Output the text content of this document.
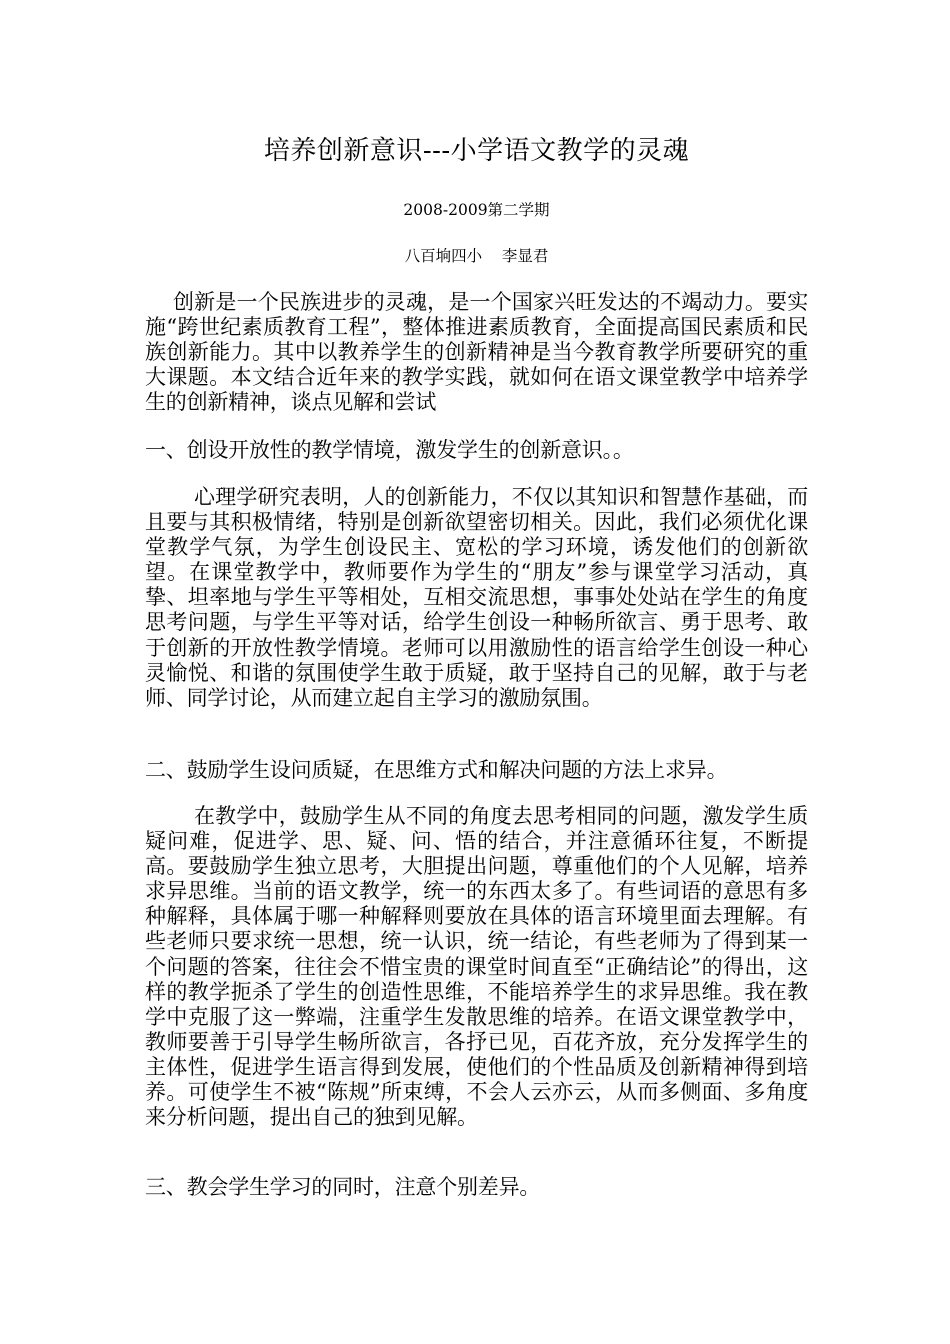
培养创新意识---小学语文教学的灵魂
2008-2009第二学期
八百垧四小    李显君

创新是一个民族进步的灵魂，是一个国家兴旺发达的不竭动力。要实施“跨世纪素质教育工程”，整体推进素质教育，全面提高国民素质和民族创新能力。其中以教养学生的创新精神是当今教育教学所要研究的重大课题。本文结合近年来的教学实践，就如何在语文课堂教学中培养学生的创新精神，谈点见解和尝试

一、创设开放性的教学情境，激发学生的创新意识。。

心理学研究表明，人的创新能力，不仅以其知识和智慧作基础，而且要与其积极情绪，特别是创新欲望密切相关。因此，我们必须优化课堂教学气氛，为学生创设民主、宽松的学习环境，诱发他们的创新欲望。在课堂教学中，教师要作为学生的“朋友”参与课堂学习活动，真挚、坦率地与学生平等相处，互相交流思想，事事处处站在学生的角度思考问题，与学生平等对话，给学生创设一种畅所欲言、勇于思考、敢于创新的开放性教学情境。老师可以用激励性的语言给学生创设一种心灵愉悦、和谐的氛围使学生敢于质疑，敢于坚持自己的见解，敢于与老师、同学讨论，从而建立起自主学习的激励氛围。

二、鼓励学生设问质疑，在思维方式和解决问题的方法上求异。

在教学中，鼓励学生从不同的角度去思考相同的问题，激发学生质疑问难，促进学、思、疑、问、悟的结合，并注意循环往复，不断提高。要鼓励学生独立思考，大胆提出问题，尊重他们的个人见解，培养求异思维。当前的语文教学，统一的东西太多了。有些词语的意思有多种解释，具体属于哪一种解释则要放在具体的语言环境里面去理解。有些老师只要求统一思想，统一认识，统一结论，有些老师为了得到某一个问题的答案，往往会不惜宝贵的课堂时间直至“正确结论”的得出，这样的教学扼杀了学生的创造性思维，不能培养学生的求异思维。我在教学中克服了这一弊端，注重学生发散思维的培养。在语文课堂教学中，教师要善于引导学生畅所欲言，各抒已见，百花齐放，充分发挥学生的主体性，促进学生语言得到发展，使他们的个性品质及创新精神得到培养。可使学生不被“陈规”所束缚，不会人云亦云，从而多侧面、多角度来分析问题，提出自己的独到见解。

三、教会学生学习的同时，注意个别差异。
